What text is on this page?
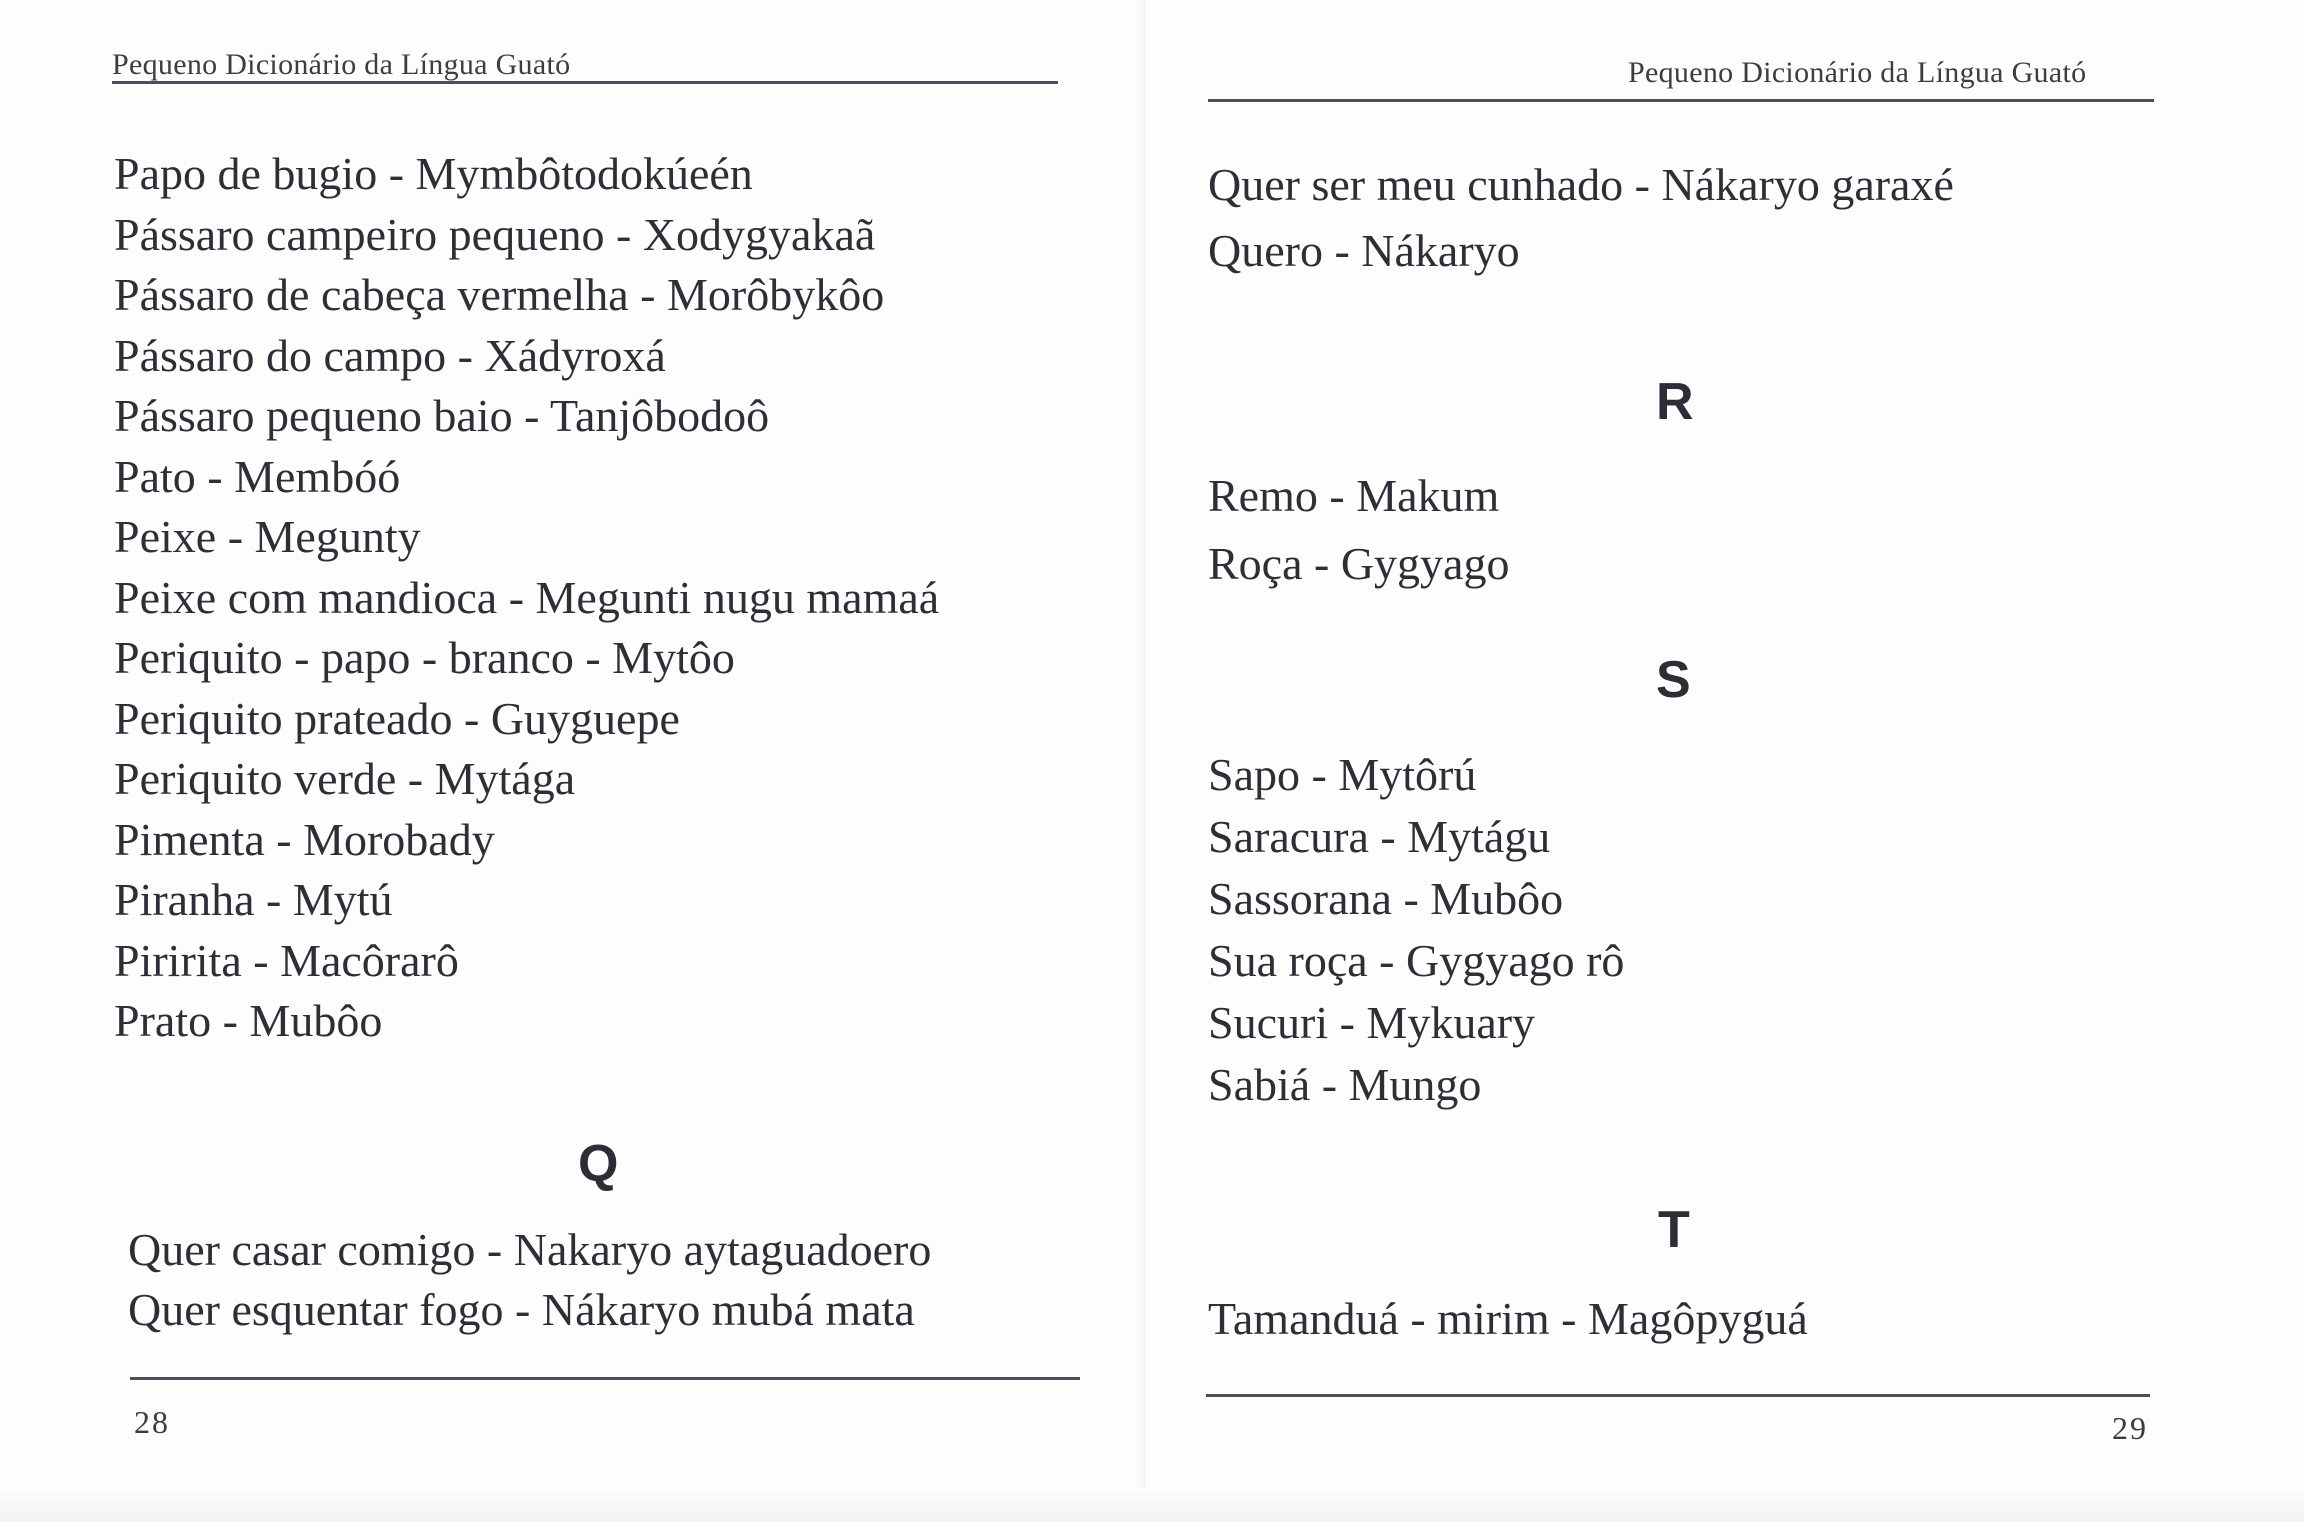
Pequeno Dicionário da Língua Guató
Papo de bugio - Mymbôtodokúeén
Pássaro campeiro pequeno - Xodygyakaã
Pássaro de cabeça vermelha - Morôbykôo
Pássaro do campo - Xádyroxá
Pássaro pequeno baio - Tanjôbodoô
Pato - Membóó
Peixe - Megunty
Peixe com mandioca - Megunti nugu mamaá
Periquito - papo - branco - Mytôo
Periquito prateado - Guyguepe
Periquito verde - Mytága
Pimenta - Morobady
Piranha - Mytú
Piririta - Macôrarô
Prato - Mubôo
Q
Quer casar comigo - Nakaryo aytaguadoero
Quer esquentar fogo - Nákaryo mubá mata
28
Pequeno Dicionário da Língua Guató
Quer ser meu cunhado - Nákaryo garaxé
Quero - Nákaryo
R
Remo - Makum
Roça - Gygyago
S
Sapo - Mytôrú
Saracura - Mytágu
Sassorana - Mubôo
Sua roça - Gygyago rô
Sucuri - Mykuary
Sabiá - Mungo
T
Tamanduá - mirim - Magôpyguá
29
